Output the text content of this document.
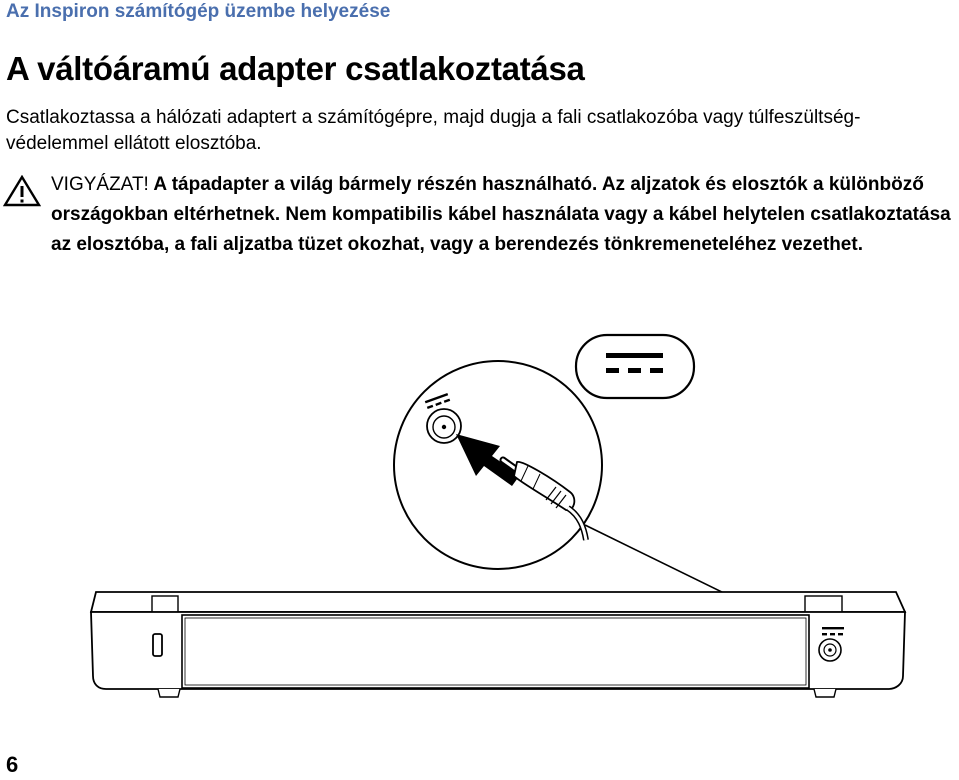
Az Inspiron számítógép üzembe helyezése
A váltóáramú adapter csatlakoztatása
Csatlakoztassa a hálózati adaptert a számítógépre, majd dugja a fali csatlakozóba vagy túlfeszültség-védelemmel ellátott elosztóba.
VIGYÁZAT! A tápadapter a világ bármely részén használható. Az aljzatok és elosztók a különböző országokban eltérhetnek. Nem kompatibilis kábel használata vagy a kábel helytelen csatlakoztatása az elosztóba, a fali aljzatba tüzet okozhat, vagy a berendezés tönkremeneteléhez vezethet.
6
